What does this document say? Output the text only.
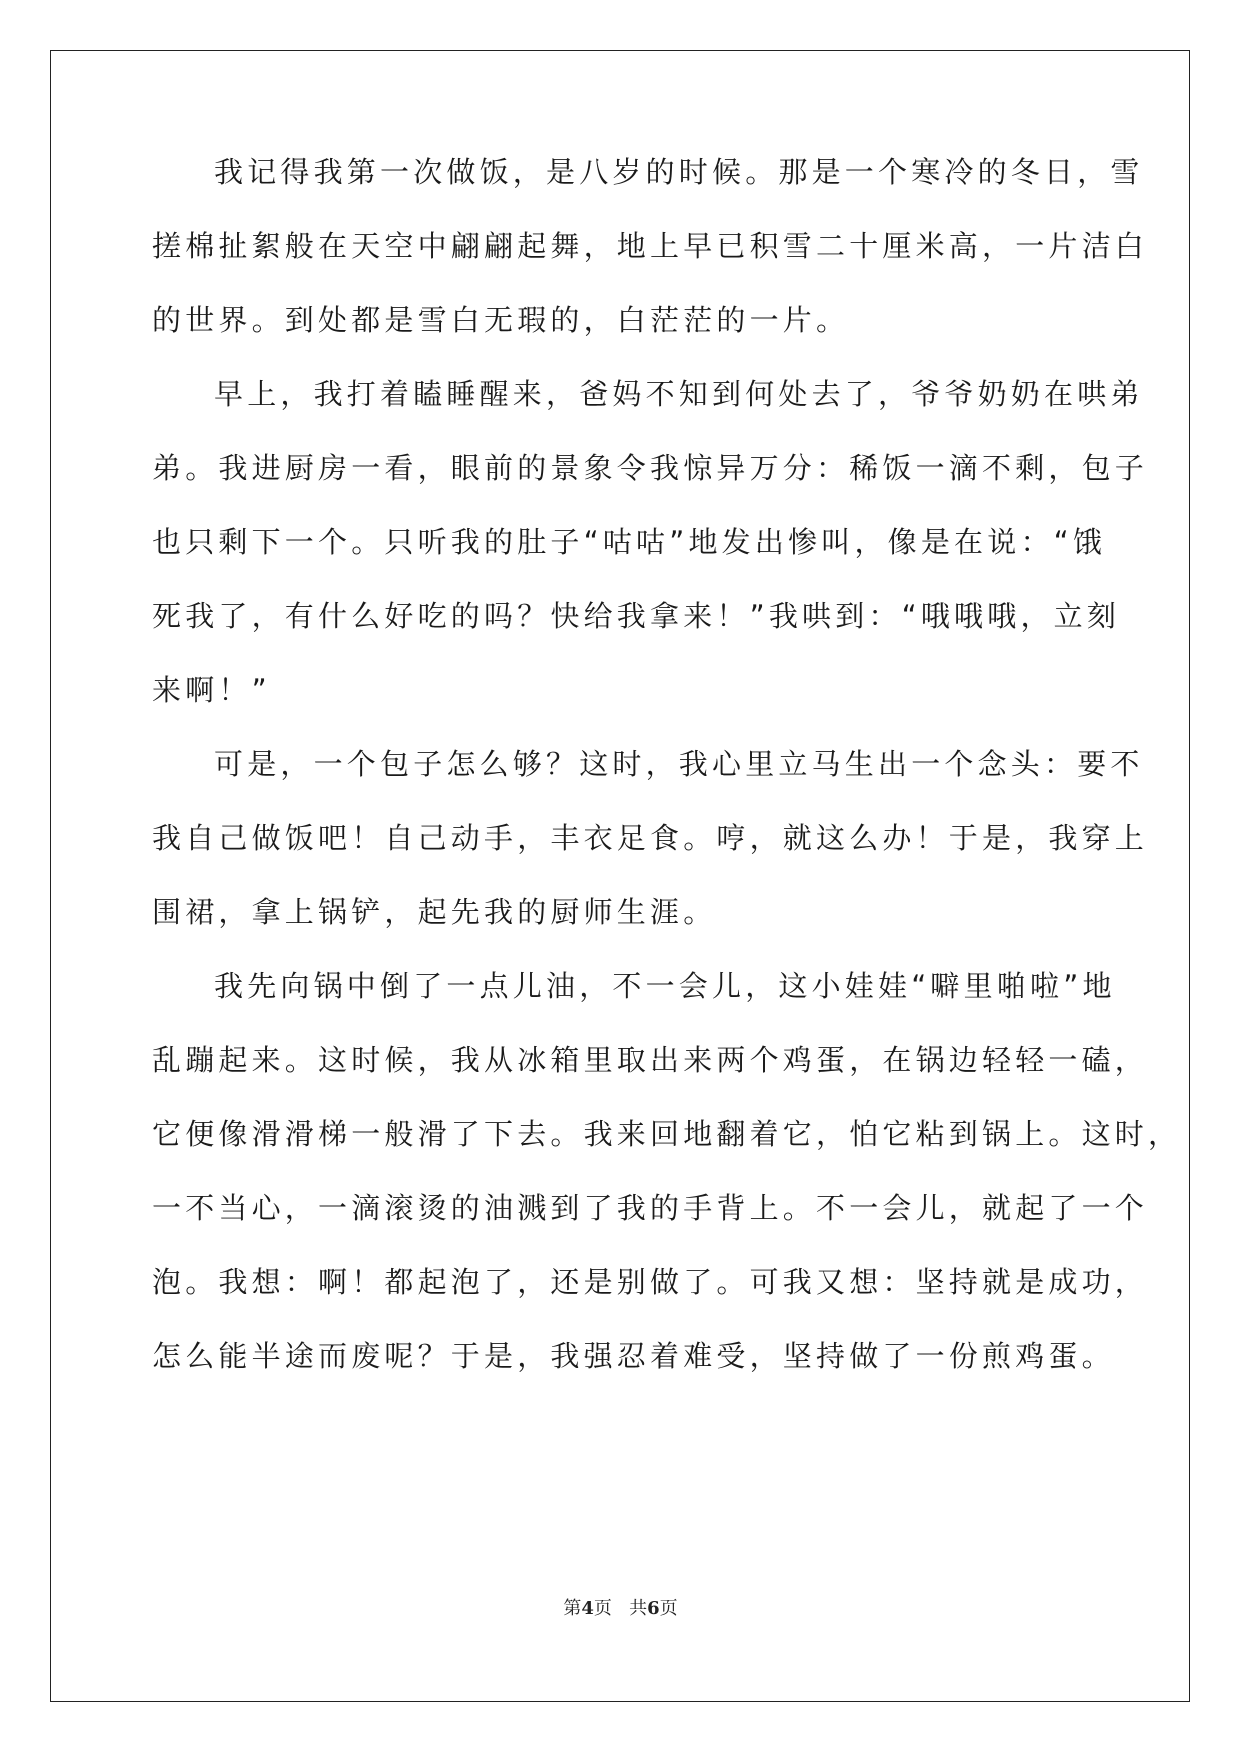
我记得我第一次做饭，是八岁的时候。那是一个寒冷的冬日，雪
搓棉扯絮般在天空中翩翩起舞，地上早已积雪二十厘米高，一片洁白
的世界。到处都是雪白无瑕的，白茫茫的一片。
早上，我打着瞌睡醒来，爸妈不知到何处去了，爷爷奶奶在哄弟
弟。我进厨房一看，眼前的景象令我惊异万分：稀饭一滴不剩，包子
也只剩下一个。只听我的肚子“咕咕”地发出惨叫，像是在说：“饿
死我了，有什么好吃的吗？快给我拿来！”我哄到：“哦哦哦，立刻
来啊！”
可是，一个包子怎么够？这时，我心里立马生出一个念头：要不
我自己做饭吧！自己动手，丰衣足食。哼，就这么办！于是，我穿上
围裙，拿上锅铲，起先我的厨师生涯。
我先向锅中倒了一点儿油，不一会儿，这小娃娃“噼里啪啦”地
乱蹦起来。这时候，我从冰箱里取出来两个鸡蛋，在锅边轻轻一磕，
它便像滑滑梯一般滑了下去。我来回地翻着它，怕它粘到锅上。这时，
一不当心，一滴滚烫的油溅到了我的手背上。不一会儿，就起了一个
泡。我想：啊！都起泡了，还是别做了。可我又想：坚持就是成功，
怎么能半途而废呢？于是，我强忍着难受，坚持做了一份煎鸡蛋。
第4页 共6页
